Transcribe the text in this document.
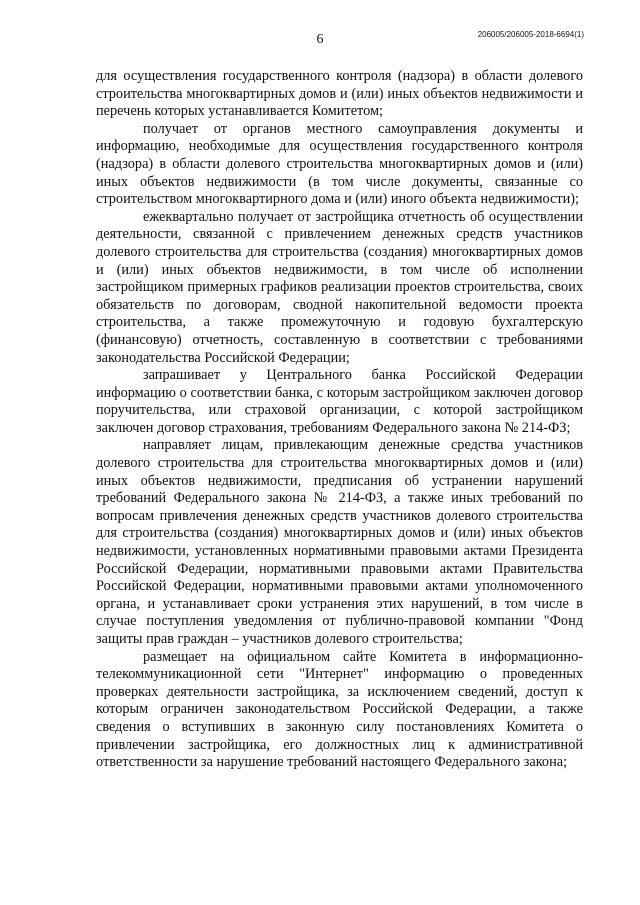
6	206005/206005-2018-6694(1)

для осуществления государственного контроля (надзора) в области долевого строительства многоквартирных домов и (или) иных объектов недвижимости и перечень которых устанавливается Комитетом;

получает от органов местного самоуправления документы и информацию, необходимые для осуществления государственного контроля (надзора) в области долевого строительства многоквартирных домов и (или) иных объектов недвижимости (в том числе документы, связанные со строительством многоквартирного дома и (или) иного объекта недвижимости);

ежеквартально получает от застройщика отчетность об осуществлении деятельности, связанной с привлечением денежных средств участников долевого строительства для строительства (создания) многоквартирных домов и (или) иных объектов недвижимости, в том числе об исполнении застройщиком примерных графиков реализации проектов строительства, своих обязательств по договорам, сводной накопительной ведомости проекта строительства, а также промежуточную и годовую бухгалтерскую (финансовую) отчетность, составленную в соответствии с требованиями законодательства Российской Федерации;

запрашивает у Центрального банка Российской Федерации информацию о соответствии банка, с которым застройщиком заключен договор поручительства, или страховой организации, с которой застройщиком заключен договор страхования, требованиям Федерального закона № 214-ФЗ;

направляет лицам, привлекающим денежные средства участников долевого строительства для строительства многоквартирных домов и (или) иных объектов недвижимости, предписания об устранении нарушений требований Федерального закона № 214-ФЗ, а также иных требований по вопросам привлечения денежных средств участников долевого строительства для строительства (создания) многоквартирных домов и (или) иных объектов недвижимости, установленных нормативными правовыми актами Президента Российской Федерации, нормативными правовыми актами Правительства Российской Федерации, нормативными правовыми актами уполномоченного органа, и устанавливает сроки устранения этих нарушений, в том числе в случае поступления уведомления от публично-правовой компании "Фонд защиты прав граждан – участников долевого строительства;

размещает на официальном сайте Комитета в информационно-телекоммуникационной сети "Интернет" информацию о проведенных проверках деятельности застройщика, за исключением сведений, доступ к которым ограничен законодательством Российской Федерации, а также сведения о вступивших в законную силу постановлениях Комитета о привлечении застройщика, его должностных лиц к административной ответственности за нарушение требований настоящего Федерального закона;
